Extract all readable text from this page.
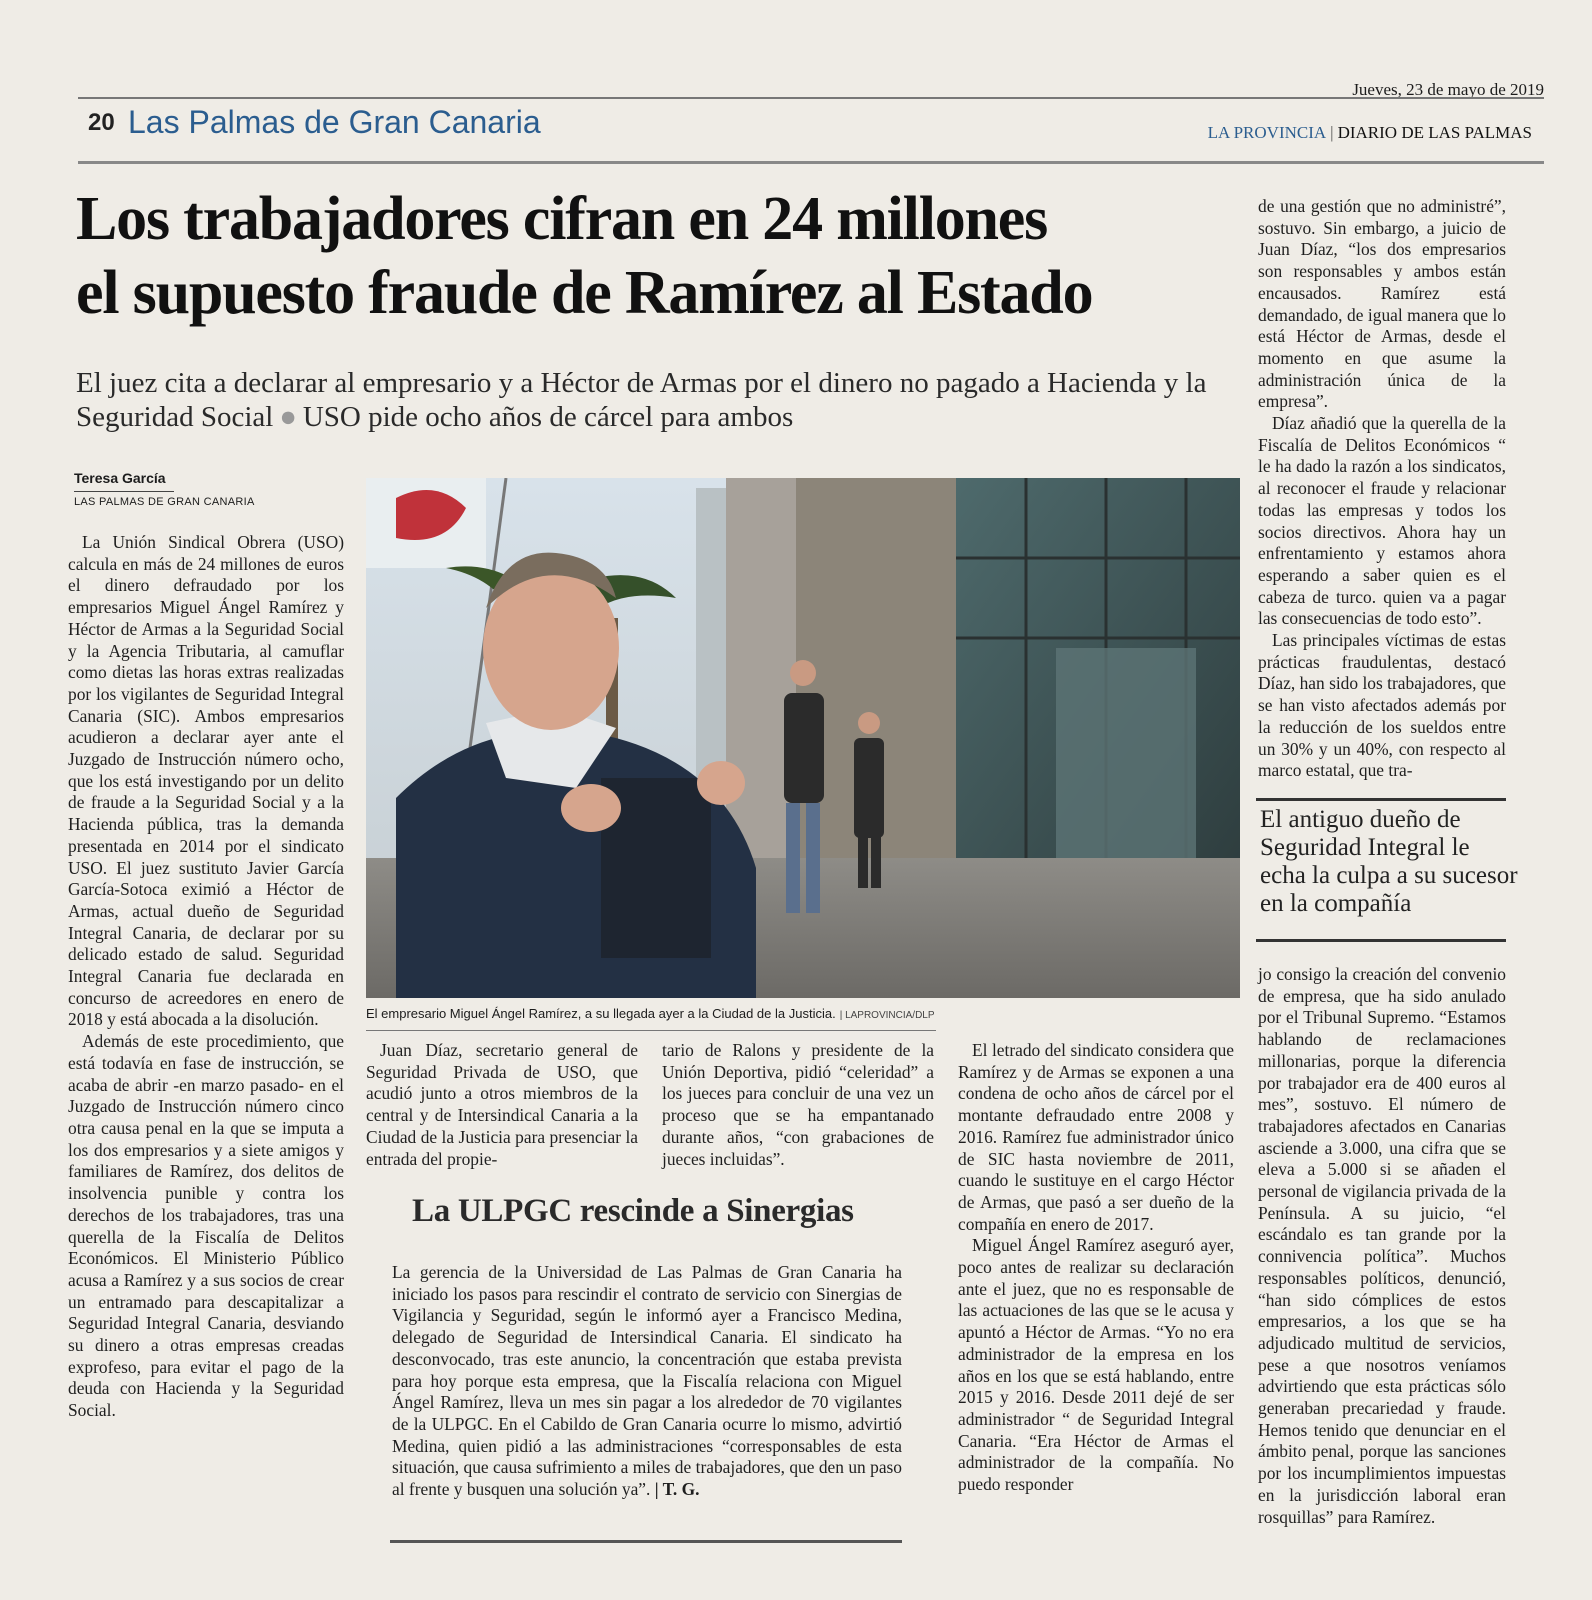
Jueves, 23 de mayo de 2019
20 Las Palmas de Gran Canaria	LA PROVINCIA | DIARIO DE LAS PALMAS
Los trabajadores cifran en 24 millones
el supuesto fraude de Ramírez al Estado
El juez cita a declarar al empresario y a Héctor de Armas por el dinero no pagado a Hacienda y la Seguridad Social ● USO pide ocho años de cárcel para ambos
Teresa García
LAS PALMAS DE GRAN CANARIA

La Unión Sindical Obrera (USO) calcula en más de 24 millones de euros el dinero defraudado por los empresarios Miguel Ángel Ramírez y Héctor de Armas a la Seguridad Social y la Agencia Tributaria, al camuflar como dietas las horas extras realizadas por los vigilantes de Seguridad Integral Canaria (SIC). Ambos empresarios acudieron a declarar ayer ante el Juzgado de Instrucción número ocho, que los está investigando por un delito de fraude a la Seguridad Social y a la Hacienda pública, tras la demanda presentada en 2014 por el sindicato USO. El juez sustituto Javier García García-Sotoca eximió a Héctor de Armas, actual dueño de Seguridad Integral Canaria, de declarar por su delicado estado de salud. Seguridad Integral Canaria fue declarada en concurso de acreedores en enero de 2018 y está abocada a la disolución.

Además de este procedimiento, que está todavía en fase de instrucción, se acaba de abrir -en marzo pasado- en el Juzgado de Instrucción número cinco otra causa penal en la que se imputa a los dos empresarios y a siete amigos y familiares de Ramírez, dos delitos de insolvencia punible y contra los derechos de los trabajadores, tras una querella de la Fiscalía de Delitos Económicos. El Ministerio Público acusa a Ramírez y a sus socios de crear un entramado para descapitalizar a Seguridad Integral Canaria, desviando su dinero a otras empresas creadas exprofeso, para evitar el pago de la deuda con Hacienda y la Seguridad Social.

El empresario Miguel Ángel Ramírez, a su llegada ayer a la Ciudad de la Justicia. | LAPROVINCIA/DLP

Juan Díaz, secretario general de Seguridad Privada de USO, que acudió junto a otros miembros de la central y de Intersindical Canaria a la Ciudad de la Justicia para presenciar la entrada del propie-

tario de Ralons y presidente de la Unión Deportiva, pidió “celeridad” a los jueces para concluir de una vez un proceso que se ha empantanado durante años, “con grabaciones de jueces incluidas”.

El letrado del sindicato considera que Ramírez y de Armas se exponen a una condena de ocho años de cárcel por el montante defraudado entre 2008 y 2016. Ramírez fue administrador único de SIC hasta noviembre de 2011, cuando le sustituye en el cargo Héctor de Armas, que pasó a ser dueño de la compañía en enero de 2017.

Miguel Ángel Ramírez aseguró ayer, poco antes de realizar su declaración ante el juez, que no es responsable de las actuaciones de las que se le acusa y apuntó a Héctor de Armas. “Yo no era administrador de la empresa en los años en los que se está hablando, entre 2015 y 2016. Desde 2011 dejé de ser administrador “ de Seguridad Integral Canaria. “Era Héctor de Armas el administrador de la compañía. No puedo responder

La ULPGC rescinde a Sinergias

La gerencia de la Universidad de Las Palmas de Gran Canaria ha iniciado los pasos para rescindir el contrato de servicio con Sinergias de Vigilancia y Seguridad, según le informó ayer a Francisco Medina, delegado de Seguridad de Intersindical Canaria. El sindicato ha desconvocado, tras este anuncio, la concentración que estaba prevista para hoy porque esta empresa, que la Fiscalía relaciona con Miguel Ángel Ramírez, lleva un mes sin pagar a los alrededor de 70 vigilantes de la ULPGC. En el Cabildo de Gran Canaria ocurre lo mismo, advirtió Medina, quien pidió a las administraciones “corresponsables de esta situación, que causa sufrimiento a miles de trabajadores, que den un paso al frente y busquen una solución ya”. | T. G.

de una gestión que no administré”, sostuvo. Sin embargo, a juicio de Juan Díaz, “los dos empresarios son responsables y ambos están encausados. Ramírez está demandado, de igual manera que lo está Héctor de Armas, desde el momento en que asume la administración única de la empresa”.

Díaz añadió que la querella de la Fiscalía de Delitos Económicos “ le ha dado la razón a los sindicatos, al reconocer el fraude y relacionar todas las empresas y todos los socios directivos. Ahora hay un enfrentamiento y estamos ahora esperando a saber quien es el cabeza de turco. quien va a pagar las consecuencias de todo esto”.

Las principales víctimas de estas prácticas fraudulentas, destacó Díaz, han sido los trabajadores, que se han visto afectados además por la reducción de los sueldos entre un 30% y un 40%, con respecto al marco estatal, que tra-

El antiguo dueño de Seguridad Integral le echa la culpa a su sucesor en la compañía

jo consigo la creación del convenio de empresa, que ha sido anulado por el Tribunal Supremo. “Estamos hablando de reclamaciones millonarias, porque la diferencia por trabajador era de 400 euros al mes”, sostuvo. El número de trabajadores afectados en Canarias asciende a 3.000, una cifra que se eleva a 5.000 si se añaden el personal de vigilancia privada de la Península. A su juicio, “el escándalo es tan grande por la connivencia política”. Muchos responsables políticos, denunció, “han sido cómplices de estos empresarios, a los que se ha adjudicado multitud de servicios, pese a que nosotros veníamos advirtiendo que esta prácticas sólo generaban precariedad y fraude. Hemos tenido que denunciar en el ámbito penal, porque las sanciones por los incumplimientos impuestas en la jurisdicción laboral eran rosquillas” para Ramírez.
